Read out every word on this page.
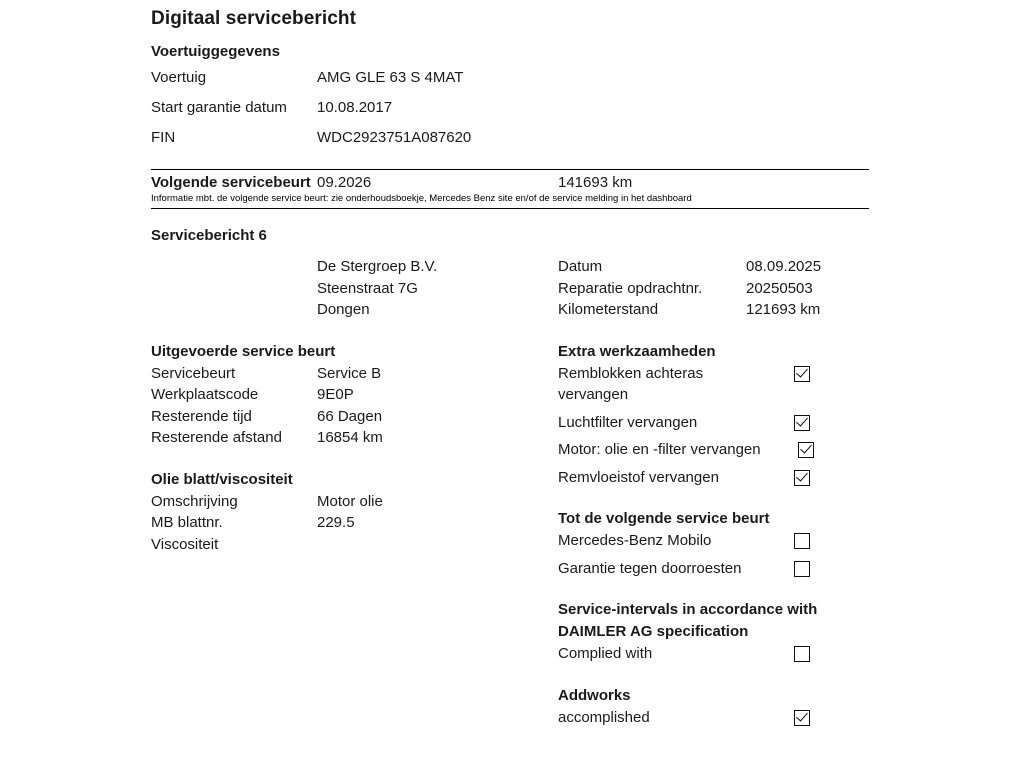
Digitaal servicebericht
Voertuiggegevens
Voertuig	AMG GLE 63 S 4MAT
Start garantie datum	10.08.2017
FIN	WDC2923751A087620
Volgende servicebeurt 09.2026	141693 km
Informatie mbt. de volgende service beurt: zie onderhoudsboekje, Mercedes Benz site en/of de service melding in het dashboard
Servicebericht 6
De Stergroep B.V.
Steenstraat 7G
Dongen
Uitgevoerde service beurt
Servicebeurt	Service B
Werkplaatscode	9E0P
Resterende tijd	66 Dagen
Resterende afstand	16854 km
Olie blatt/viscositeit
Omschrijving	Motor olie
MB blattnr.	229.5
Viscositeit
Datum	08.09.2025
Reparatie opdrachtnr.	20250503
Kilometerstand	121693 km
Extra werkzaamheden
Remblokken achteras
vervangen
Luchtfilter vervangen
Motor: olie en -filter vervangen
Remvloeistof vervangen
Tot de volgende service beurt
Mercedes-Benz Mobilo
Garantie tegen doorroesten
Service-intervals in accordance with
DAIMLER AG specification
Complied with
Addworks
accomplished
